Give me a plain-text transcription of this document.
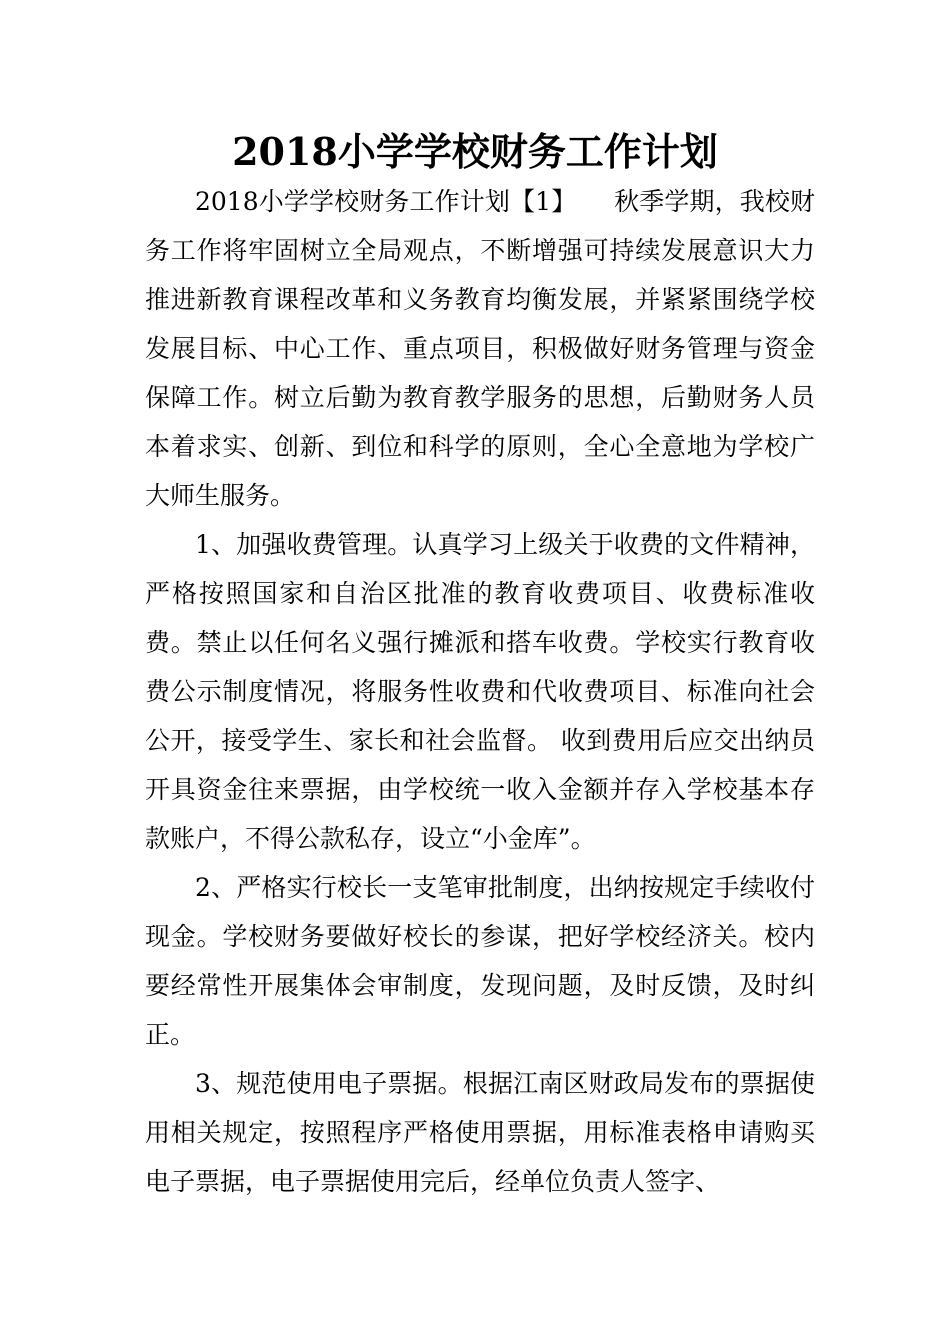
2018小学学校财务工作计划

2018小学学校财务工作计划【1】　　秋季学期，我校财务工作将牢固树立全局观点，不断增强可持续发展意识大力推进新教育课程改革和义务教育均衡发展，并紧紧围绕学校发展目标、中心工作、重点项目，积极做好财务管理与资金保障工作。树立后勤为教育教学服务的思想，后勤财务人员本着求实、创新、到位和科学的原则，全心全意地为学校广大师生服务。

1、加强收费管理。认真学习上级关于收费的文件精神，严格按照国家和自治区批准的教育收费项目、收费标准收费。禁止以任何名义强行摊派和搭车收费。学校实行教育收费公示制度情况，将服务性收费和代收费项目、标准向社会公开，接受学生、家长和社会监督。 收到费用后应交出纳员开具资金往来票据，由学校统一收入金额并存入学校基本存款账户，不得公款私存，设立“小金库”。

2、严格实行校长一支笔审批制度，出纳按规定手续收付现金。学校财务要做好校长的参谋，把好学校经济关。校内要经常性开展集体会审制度，发现问题，及时反馈，及时纠正。

3、规范使用电子票据。根据江南区财政局发布的票据使用相关规定，按照程序严格使用票据，用标准表格申请购买电子票据，电子票据使用完后，经单位负责人签字、
